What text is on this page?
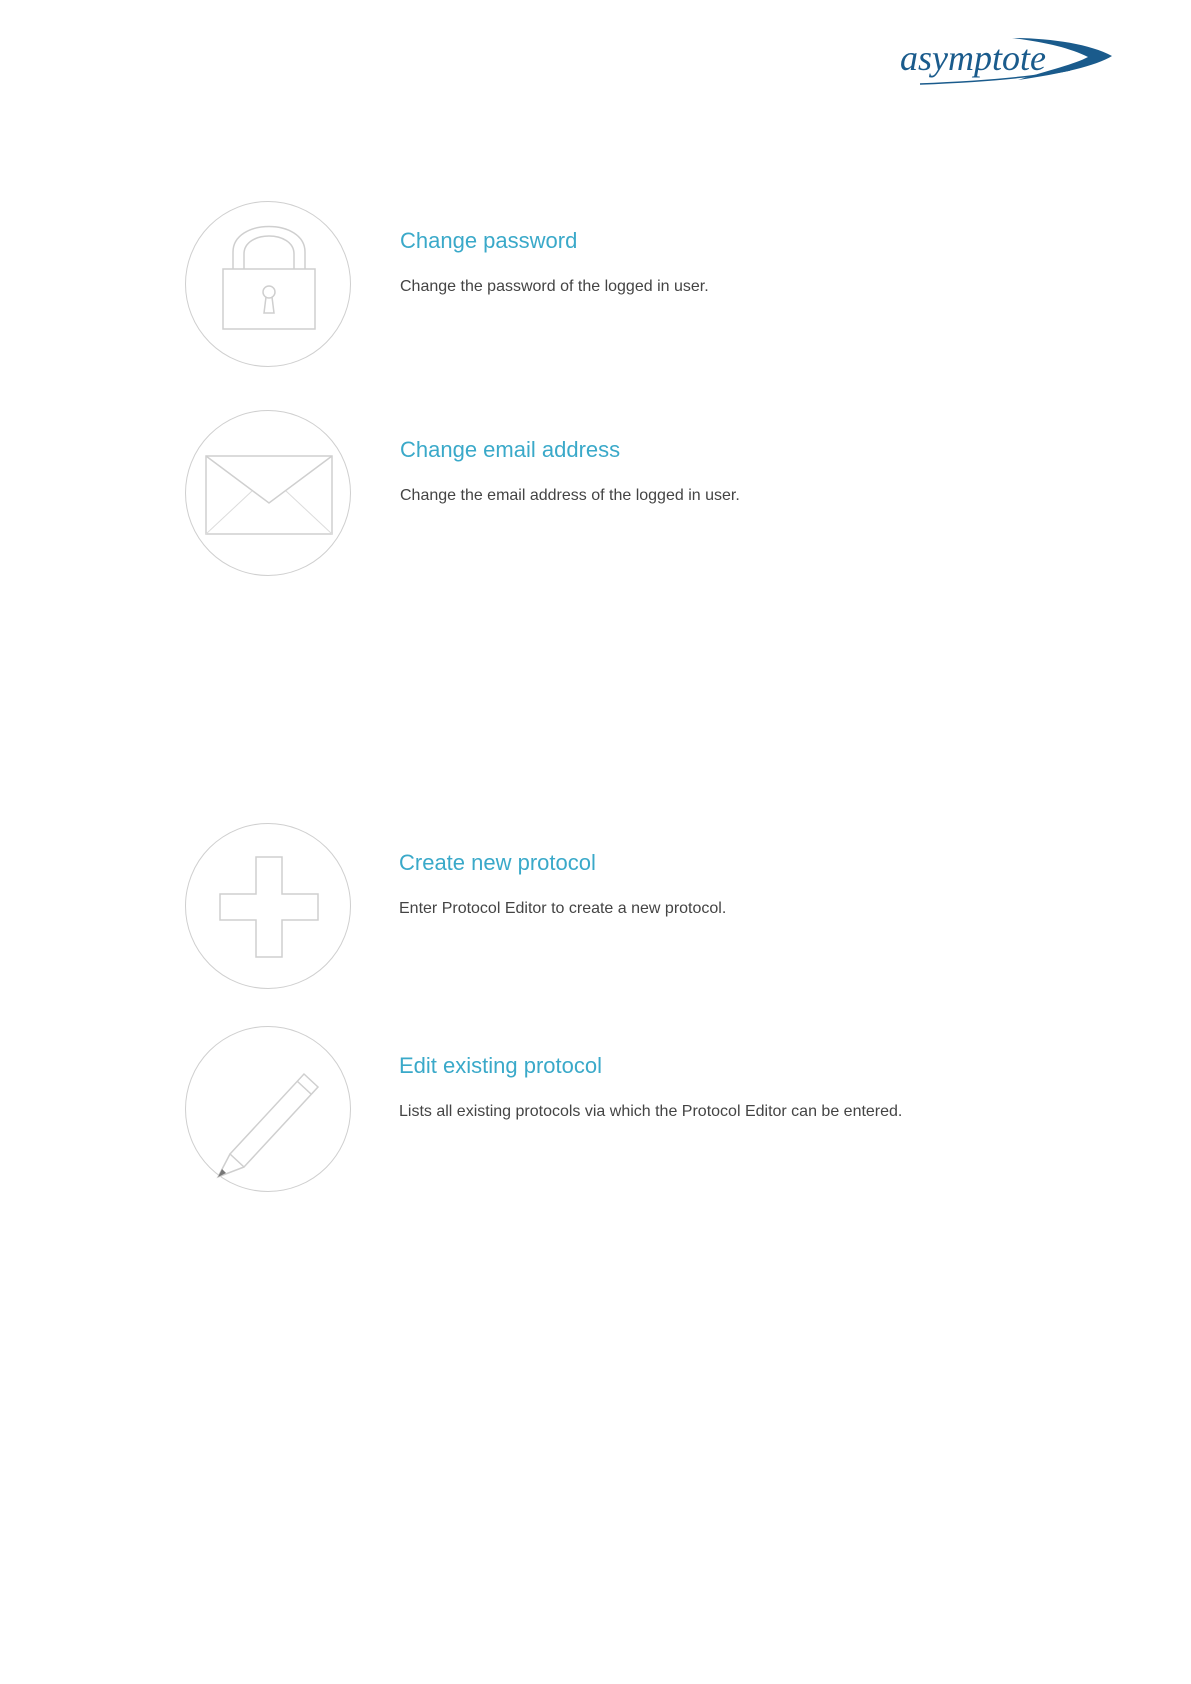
asymptote
Change password
Change the password of the logged in user.
Change email address
Change the email address of the logged in user.
Create new protocol
Enter Protocol Editor to create a new protocol.
Edit existing protocol
Lists all existing protocols via which the Protocol Editor can be entered.
